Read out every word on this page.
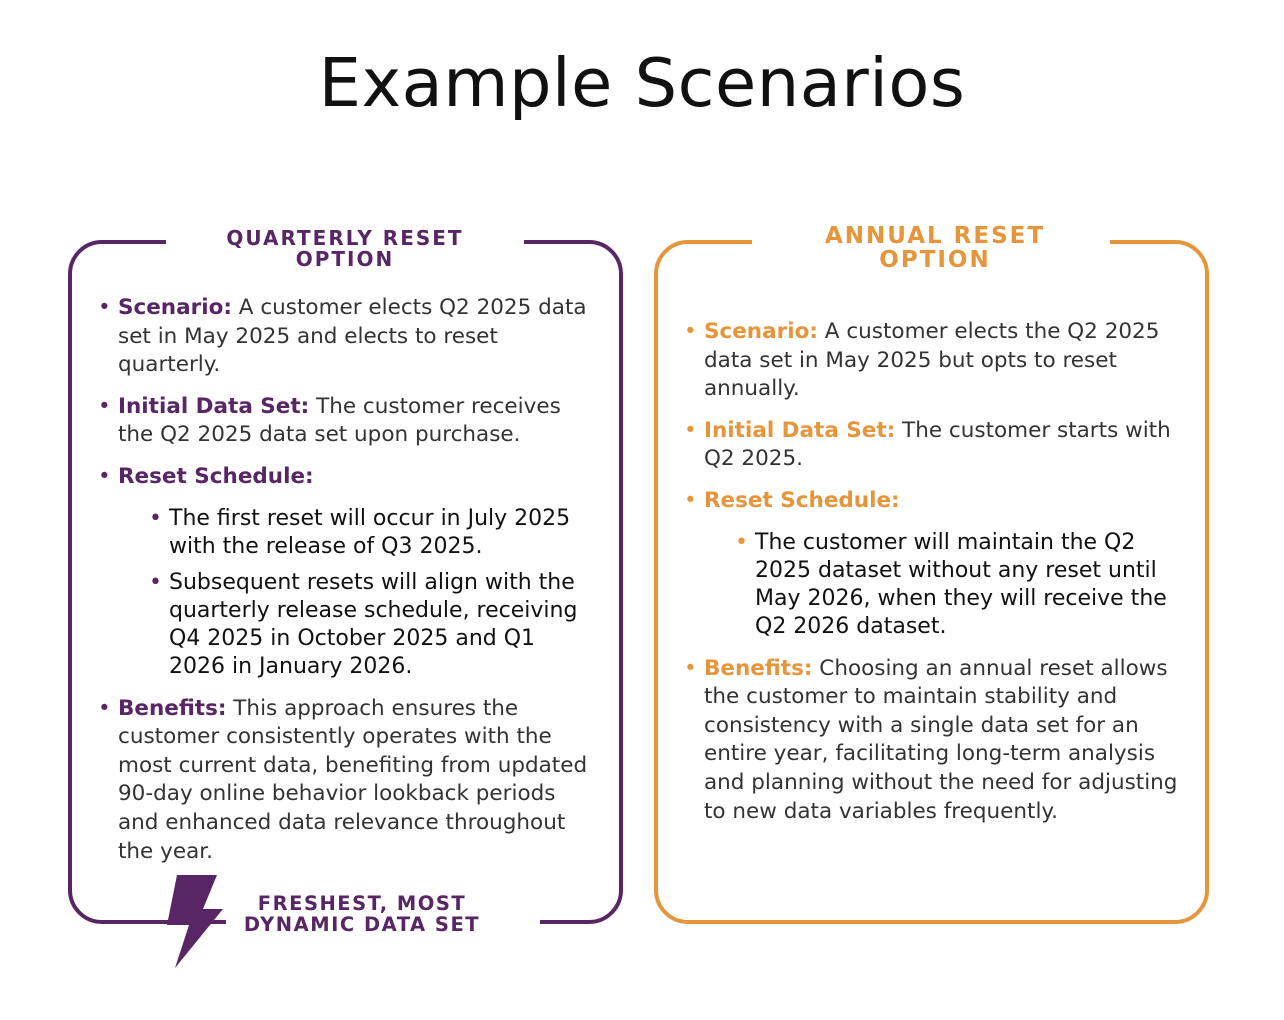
Example Scenarios
QUARTERLY RESET
OPTION
• Scenario: A customer elects Q2 2025 data set in May 2025 and elects to reset quarterly.
• Initial Data Set: The customer receives the Q2 2025 data set upon purchase.
• Reset Schedule:
• The first reset will occur in July 2025 with the release of Q3 2025.
• Subsequent resets will align with the quarterly release schedule, receiving Q4 2025 in October 2025 and Q1 2026 in January 2026.
• Benefits: This approach ensures the customer consistently operates with the most current data, benefiting from updated 90-day online behavior lookback periods and enhanced data relevance throughout the year.
FRESHEST, MOST
DYNAMIC DATA SET
ANNUAL RESET
OPTION
• Scenario: A customer elects the Q2 2025 data set in May 2025 but opts to reset annually.
• Initial Data Set: The customer starts with Q2 2025.
• Reset Schedule:
• The customer will maintain the Q2 2025 dataset without any reset until May 2026, when they will receive the Q2 2026 dataset.
• Benefits: Choosing an annual reset allows the customer to maintain stability and consistency with a single data set for an entire year, facilitating long-term analysis and planning without the need for adjusting to new data variables frequently.
